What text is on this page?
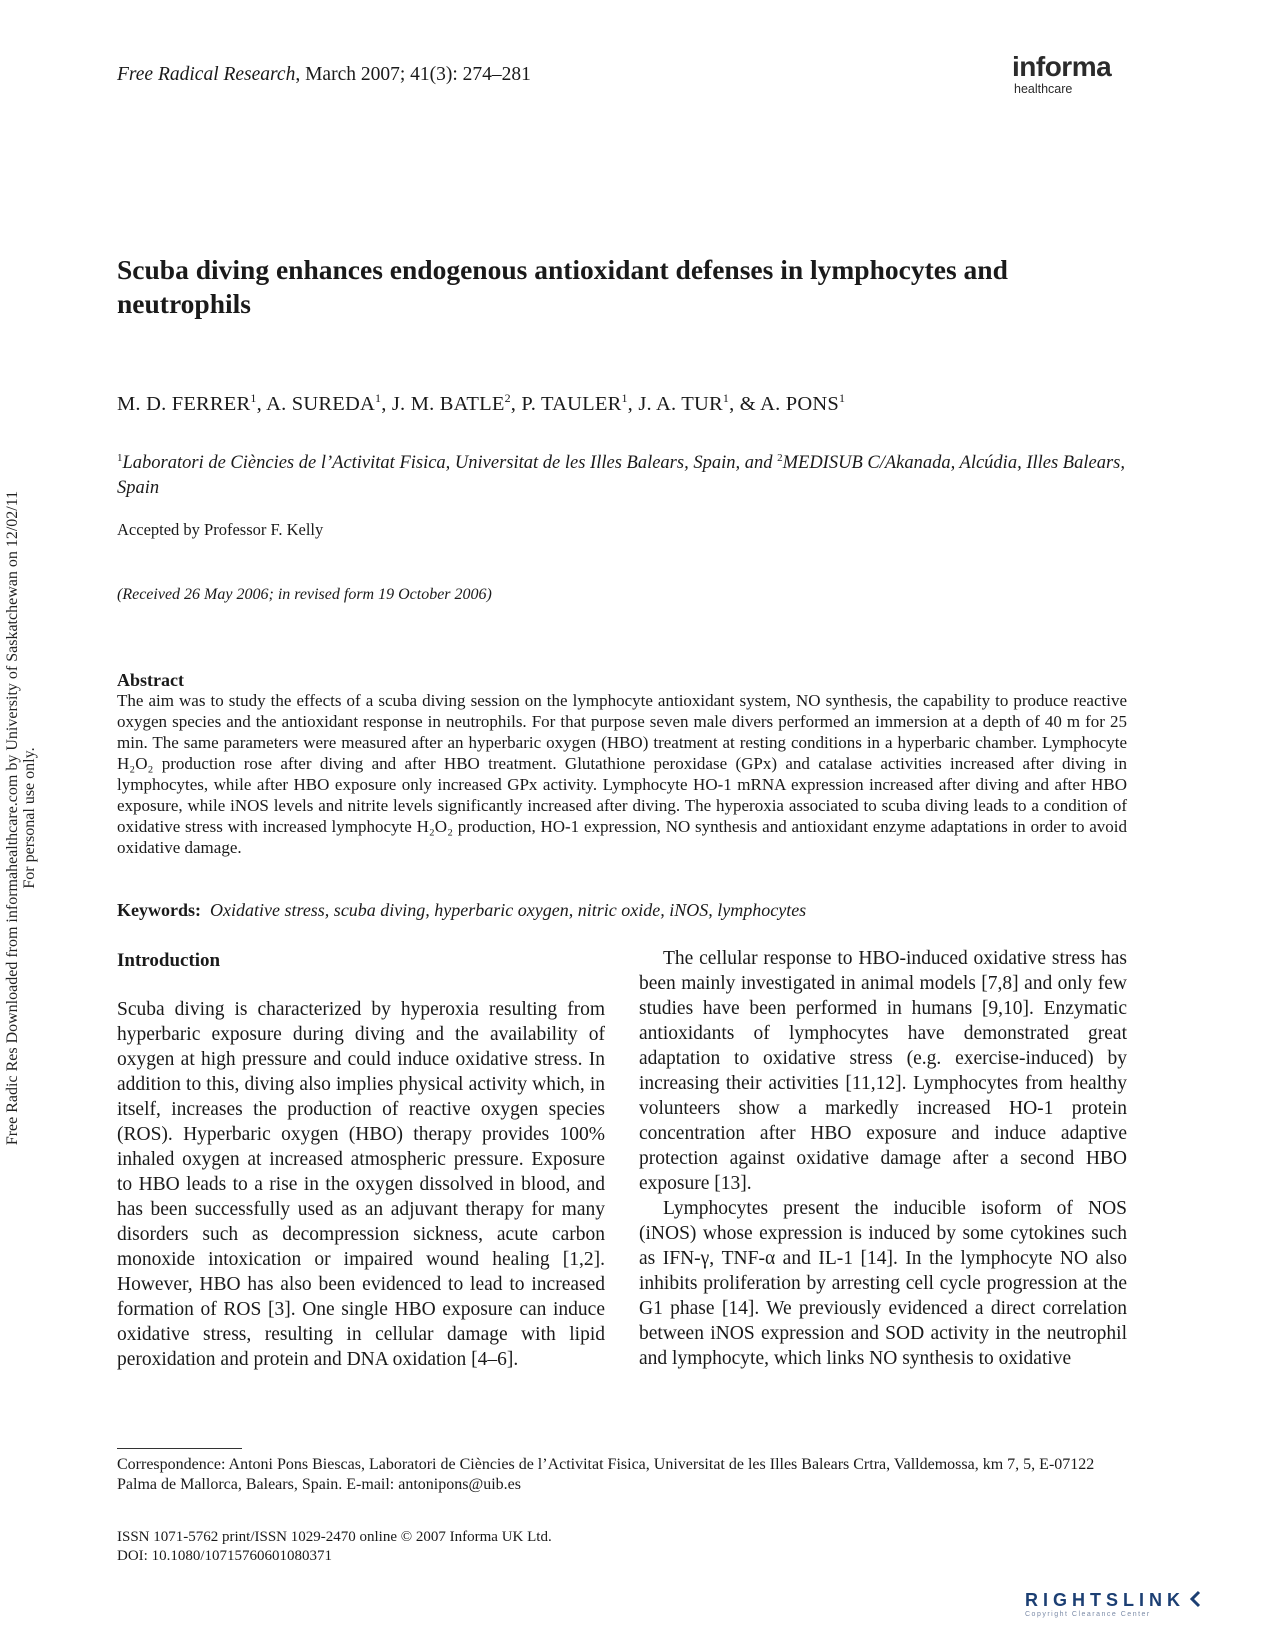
Free Radic Res Downloaded from informahealthcare.com by University of Saskatchewan on 12/02/11 For personal use only.
Free Radical Research, March 2007; 41(3): 274–281	informa
healthcare
Scuba diving enhances endogenous antioxidant defenses in lymphocytes and neutrophils
M. D. FERRER$^1$, A. SUREDA$^1$, J. M. BATLE$^2$, P. TAULER$^1$, J. A. TUR$^1$, & A. PONS$^1$
$^1$Laboratori de Ciències de l’Activitat Fisica, Universitat de les Illes Balears, Spain, and $^2$MEDISUB C/Akanada, Alcúdia, Illes Balears, Spain
Accepted by Professor F. Kelly
(Received 26 May 2006; in revised form 19 October 2006)
Abstract
The aim was to study the effects of a scuba diving session on the lymphocyte antioxidant system, NO synthesis, the capability to produce reactive oxygen species and the antioxidant response in neutrophils. For that purpose seven male divers performed an immersion at a depth of 40 m for 25 min. The same parameters were measured after an hyperbaric oxygen (HBO) treatment at resting conditions in a hyperbaric chamber. Lymphocyte H₂O₂ production rose after diving and after HBO treatment. Glutathione peroxidase (GPx) and catalase activities increased after diving in lymphocytes, while after HBO exposure only increased GPx activity. Lymphocyte HO-1 mRNA expression increased after diving and after HBO exposure, while iNOS levels and nitrite levels significantly increased after diving. The hyperoxia associated to scuba diving leads to a condition of oxidative stress with increased lymphocyte H₂O₂ production, HO-1 expression, NO synthesis and antioxidant enzyme adaptations in order to avoid oxidative damage.
Keywords: Oxidative stress, scuba diving, hyperbaric oxygen, nitric oxide, iNOS, lymphocytes
Introduction

Scuba diving is characterized by hyperoxia resulting from hyperbaric exposure during diving and the availability of oxygen at high pressure and could induce oxidative stress. In addition to this, diving also implies physical activity which, in itself, increases the production of reactive oxygen species (ROS). Hyperbaric oxygen (HBO) therapy provides 100% inhaled oxygen at increased atmospheric pressure. Exposure to HBO leads to a rise in the oxygen dissolved in blood, and has been successfully used as an adjuvant therapy for many disorders such as decompression sickness, acute carbon monoxide intoxication or impaired wound healing [1,2]. However, HBO has also been evidenced to lead to increased formation of ROS [3]. One single HBO exposure can induce oxidative stress, resulting in cellular damage with lipid peroxidation and protein and DNA oxidation [4–6].

The cellular response to HBO-induced oxidative stress has been mainly investigated in animal models [7,8] and only few studies have been performed in humans [9,10]. Enzymatic antioxidants of lymphocytes have demonstrated great adaptation to oxidative stress (e.g. exercise-induced) by increasing their activities [11,12]. Lymphocytes from healthy volunteers show a markedly increased HO-1 protein concentration after HBO exposure and induce adaptive protection against oxidative damage after a second HBO exposure [13].

Lymphocytes present the inducible isoform of NOS (iNOS) whose expression is induced by some cytokines such as IFN-γ, TNF-α and IL-1 [14]. In the lymphocyte NO also inhibits proliferation by arresting cell cycle progression at the G1 phase [14]. We previously evidenced a direct correlation between iNOS expression and SOD activity in the neutrophil and lymphocyte, which links NO synthesis to oxidative

Correspondence: Antoni Pons Biescas, Laboratori de Ciències de l’Activitat Fisica, Universitat de les Illes Balears Crtra, Valldemossa, km 7, 5, E-07122 Palma de Mallorca, Balears, Spain. E-mail: antonipons@uib.es
ISSN 1071-5762 print/ISSN 1029-2470 online © 2007 Informa UK Ltd.
DOI: 10.1080/10715760601080371
RIGHTSLINK
Copyright Clearance Center
